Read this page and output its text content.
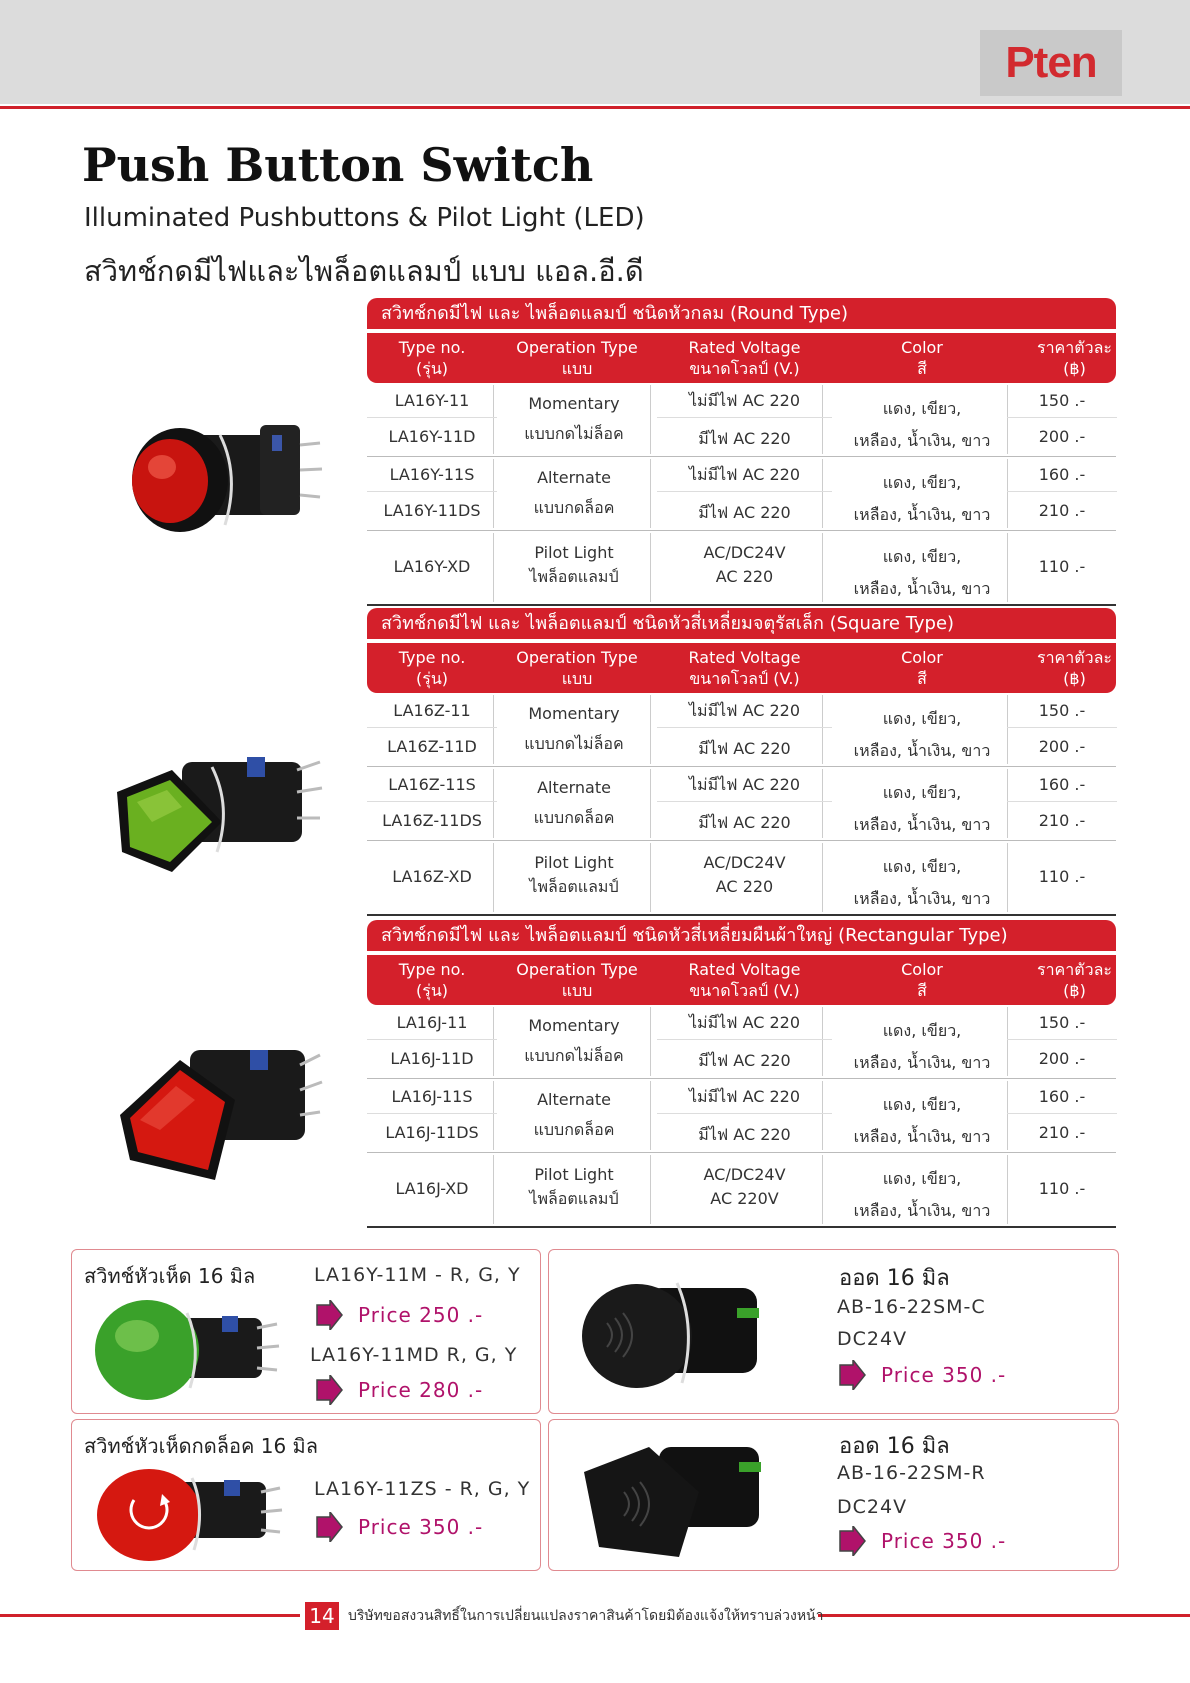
Pten
Push Button Switch
Illuminated Pushbuttons & Pilot Light (LED)
สวิทช์กดมีไฟและไพล็อตแลมป์ แบบ แอล.อี.ดี
สวิทช์กดมีไฟ และ ไพล็อตแลมป์ ชนิดหัวกลม (Round Type)
Type no.
(รุ่น)
Operation Type
แบบ
Rated Voltage
ขนาดโวลป์ (V.)
Color
สี
ราคาตัวละ
(฿)
LA16Y-11
LA16Y-11D
Momentary
แบบกดไม่ล็อค
ไม่มีไฟ AC 220
มีไฟ AC 220
แดง, เขียว,
เหลือง, น้ำเงิน, ขาว
150 .-
200 .-
LA16Y-11S
LA16Y-11DS
Alternate
แบบกดล็อค
ไม่มีไฟ AC 220
มีไฟ AC 220
แดง, เขียว,
เหลือง, น้ำเงิน, ขาว
160 .-
210 .-
LA16Y-XD
Pilot Light
ไพล็อตแลมป์
AC/DC24V
AC 220
แดง, เขียว,
เหลือง, น้ำเงิน, ขาว
110 .-
สวิทช์กดมีไฟ และ ไพล็อตแลมป์ ชนิดหัวสี่เหลี่ยมจตุรัสเล็ก (Square Type)
Type no.
(รุ่น)
Operation Type
แบบ
Rated Voltage
ขนาดโวลป์ (V.)
Color
สี
ราคาตัวละ
(฿)
LA16Z-11
LA16Z-11D
Momentary
แบบกดไม่ล็อค
ไม่มีไฟ AC 220
มีไฟ AC 220
แดง, เขียว,
เหลือง, น้ำเงิน, ขาว
150 .-
200 .-
LA16Z-11S
LA16Z-11DS
Alternate
แบบกดล็อค
ไม่มีไฟ AC 220
มีไฟ AC 220
แดง, เขียว,
เหลือง, น้ำเงิน, ขาว
160 .-
210 .-
LA16Z-XD
Pilot Light
ไพล็อตแลมป์
AC/DC24V
AC 220
แดง, เขียว,
เหลือง, น้ำเงิน, ขาว
110 .-
สวิทช์กดมีไฟ และ ไพล็อตแลมป์ ชนิดหัวสี่เหลี่ยมผืนผ้าใหญ่ (Rectangular Type)
Type no.
(รุ่น)
Operation Type
แบบ
Rated Voltage
ขนาดโวลป์ (V.)
Color
สี
ราคาตัวละ
(฿)
LA16J-11
LA16J-11D
Momentary
แบบกดไม่ล็อค
ไม่มีไฟ AC 220
มีไฟ AC 220
แดง, เขียว,
เหลือง, น้ำเงิน, ขาว
150 .-
200 .-
LA16J-11S
LA16J-11DS
Alternate
แบบกดล็อค
ไม่มีไฟ AC 220
มีไฟ AC 220
แดง, เขียว,
เหลือง, น้ำเงิน, ขาว
160 .-
210 .-
LA16J-XD
Pilot Light
ไพล็อตแลมป์
AC/DC24V
AC 220V
แดง, เขียว,
เหลือง, น้ำเงิน, ขาว
110 .-
สวิทช์หัวเห็ด 16 มิล	LA16Y-11M - R, G, Y
Price 250 .-
LA16Y-11MD R, G, Y
Price 280 .-
สวิทช์หัวเห็ดกดล็อค 16 มิล
LA16Y-11ZS - R, G, Y
Price 350 .-
ออด 16 มิล
AB-16-22SM-C
DC24V
Price 350 .-
ออด 16 มิล
AB-16-22SM-R
DC24V
Price 350 .-
14 บริษัทขอสงวนสิทธิ์ในการเปลี่ยนแปลงราคาสินค้าโดยมิต้องแจ้งให้ทราบล่วงหน้า
